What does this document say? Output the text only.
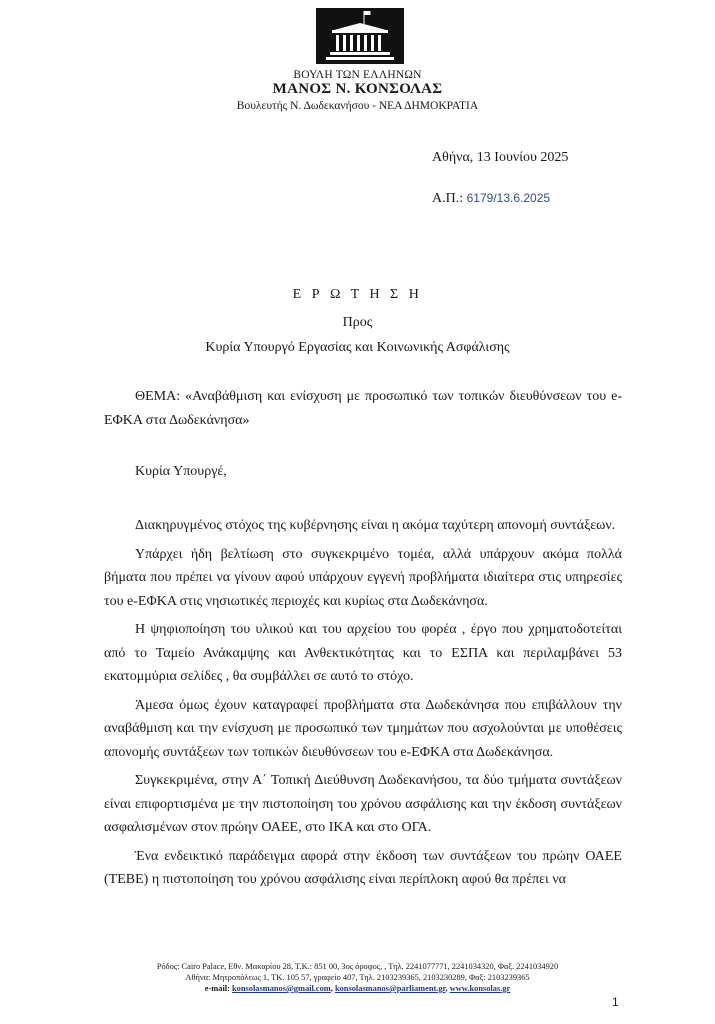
ΒΟΥΛΗ ΤΩΝ ΕΛΛΗΝΩΝ
ΜΑΝΟΣ Ν. ΚΟΝΣΟΛΑΣ
Βουλευτής Ν. Δωδεκανήσου - ΝΕΑ ΔΗΜΟΚΡΑΤΙΑ
Αθήνα, 13 Ιουνίου 2025
Α.Π.: 6179/13.6.2025
Ε Ρ Ω Τ Η Σ Η
Προς
Κυρία Υπουργό Εργασίας και Κοινωνικής Ασφάλισης
ΘΕΜΑ: «Αναβάθμιση και ενίσχυση με προσωπικό των τοπικών διευθύνσεων του e-ΕΦΚΑ στα Δωδεκάνησα»
Κυρία Υπουργέ,

Διακηρυγμένος στόχος της κυβέρνησης είναι η ακόμα ταχύτερη απονομή συντάξεων.

Υπάρχει ήδη βελτίωση στο συγκεκριμένο τομέα, αλλά υπάρχουν ακόμα πολλά βήματα που πρέπει να γίνουν αφού υπάρχουν εγγενή προβλήματα ιδιαίτερα στις υπηρεσίες του e-ΕΦΚΑ στις νησιωτικές περιοχές και κυρίως στα Δωδεκάνησα.

Η ψηφιοποίηση του υλικού και του αρχείου του φορέα , έργο που χρηματοδοτείται από το Ταμείο Ανάκαμψης και Ανθεκτικότητας και το ΕΣΠΑ και περιλαμβάνει 53 εκατομμύρια σελίδες , θα συμβάλλει σε αυτό το στόχο.

Άμεσα όμως έχουν καταγραφεί προβλήματα στα Δωδεκάνησα που επιβάλλουν την αναβάθμιση και την ενίσχυση με προσωπικό των τμημάτων που ασχολούνται με υποθέσεις απονομής συντάξεων των τοπικών διευθύνσεων του e-ΕΦΚΑ στα Δωδεκάνησα.

Συγκεκριμένα, στην Α΄ Τοπική Διεύθυνση Δωδεκανήσου, τα δύο τμήματα συντάξεων είναι επιφορτισμένα με την πιστοποίηση του χρόνου ασφάλισης και την έκδοση συντάξεων ασφαλισμένων στον πρώην ΟΑΕΕ, στο ΙΚΑ και στο ΟΓΑ.

Ένα ενδεικτικό παράδειγμα αφορά στην έκδοση των συντάξεων του πρώην ΟΑΕΕ (ΤΕΒΕ) η πιστοποίηση του χρόνου ασφάλισης είναι περίπλοκη αφού θα πρέπει να

Ρόδος: Cairo Palace, Εθν. Μακαρίου 28, Τ.Κ.: 851 00, 3ος όροφος, , Τηλ. 2241077771, 2241034320, Φαξ. 2241034920
Αθήνα: Μητροπόλεως 1, ΤΚ. 105 57, γραφείο 407, Τηλ. 2103239365, 2103230289, Φαξ: 2103239365
e-mail: konsolasmanos@gmail.com, konsolasmanos@parliament.gr, www.konsolas.gr
1
